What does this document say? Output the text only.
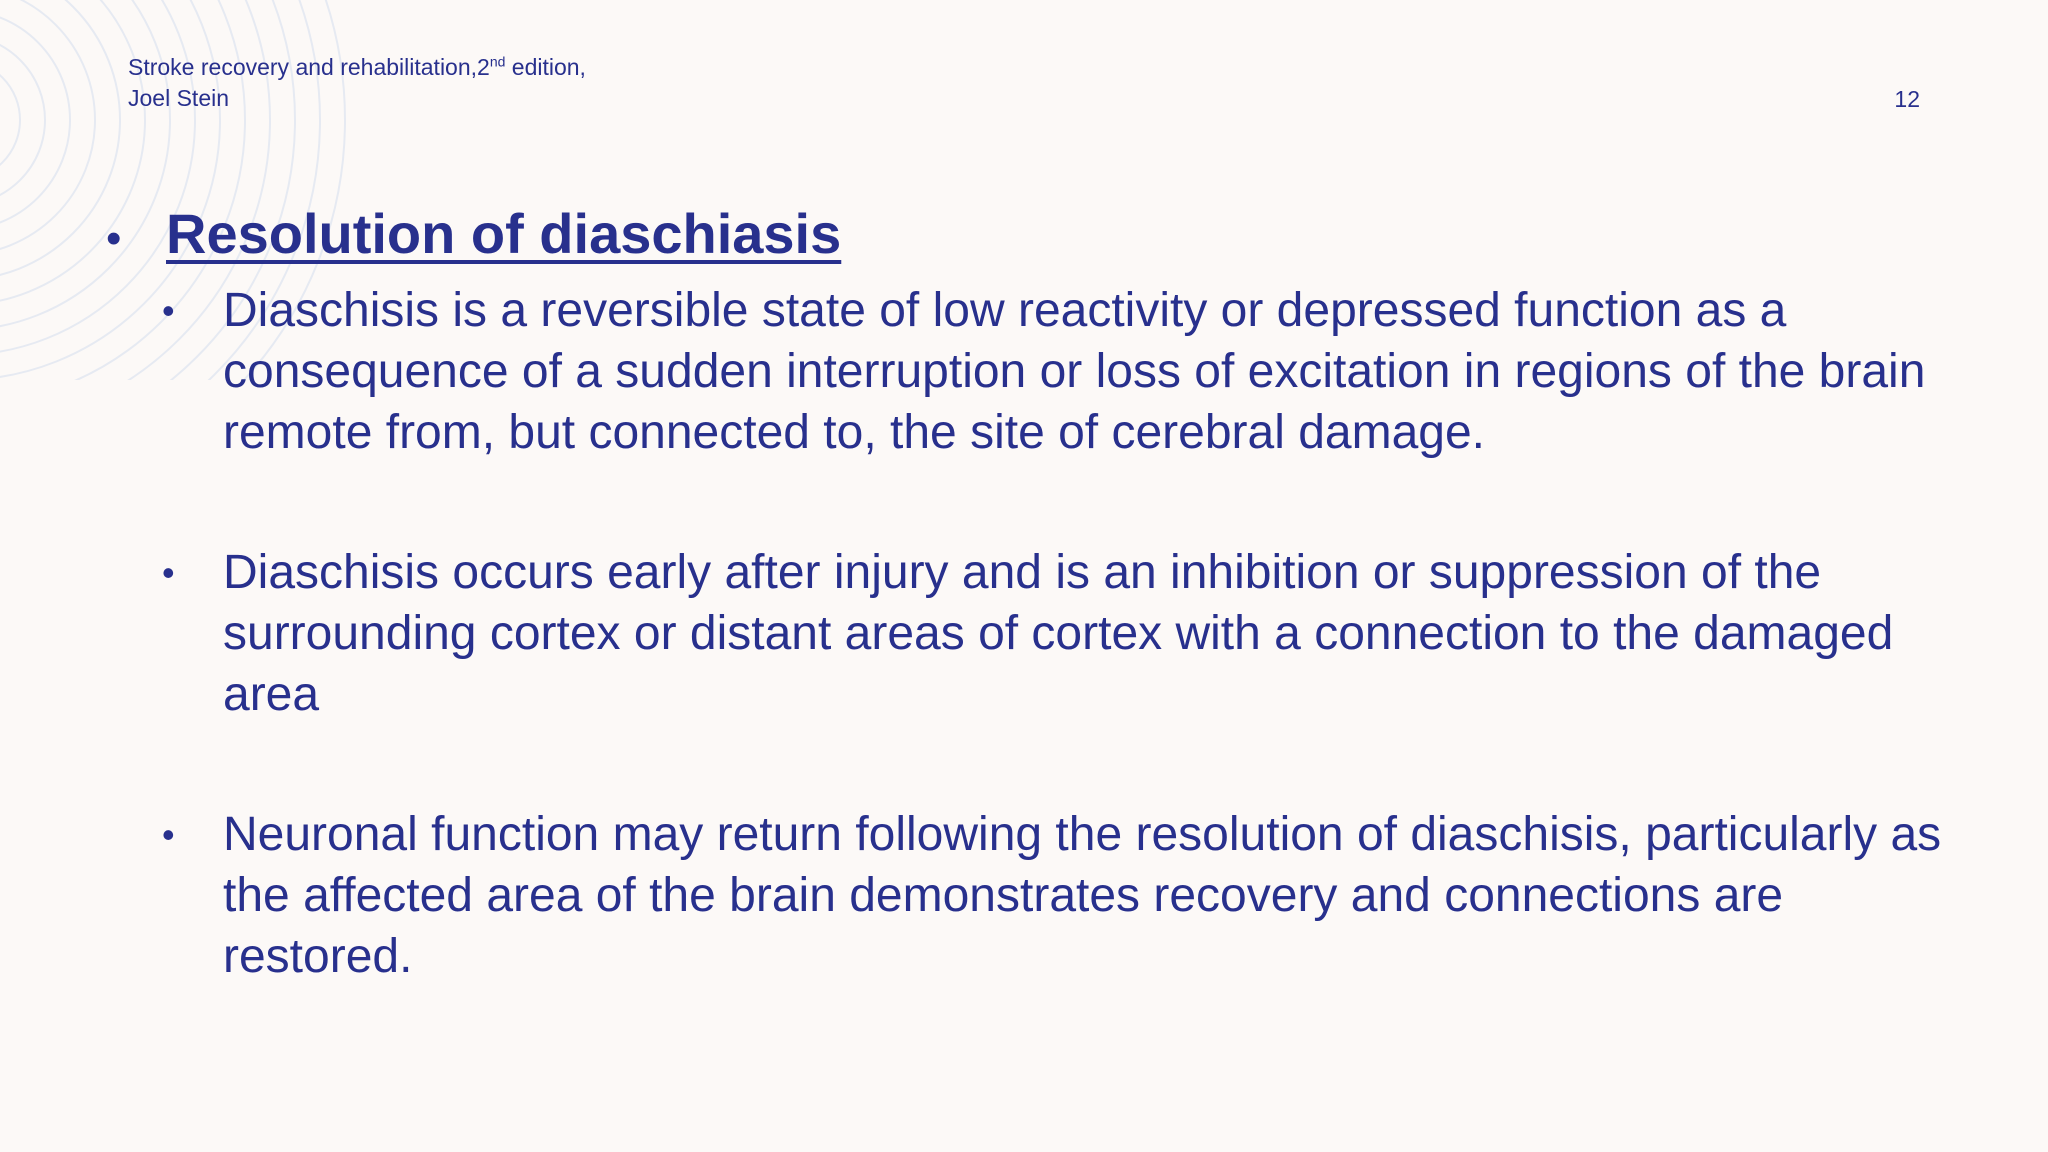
Stroke recovery and rehabilitation,2nd edition,
Joel Stein	12
• Resolution of diaschiasis
•	Diaschisis is a reversible state of low reactivity or depressed function as a consequence of a sudden interruption or loss of excitation in regions of the brain remote from, but connected to, the site of cerebral damage.
•	Diaschisis occurs early after injury and is an inhibition or suppression of the surrounding cortex or distant areas of cortex with a connection to the damaged area
•	Neuronal function may return following the resolution of diaschisis, particularly as the affected area of the brain demonstrates recovery and connections are restored.
